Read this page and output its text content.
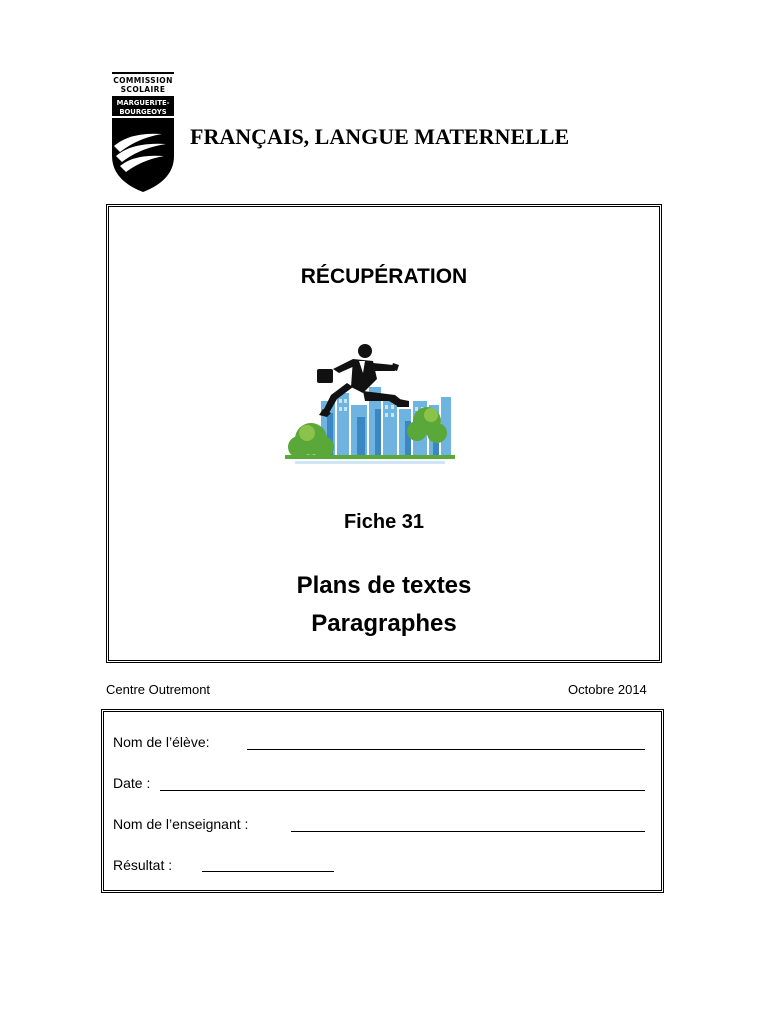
COMMISSION
SCOLAIRE
MARGUERITE-
BOURGEOYS
FRANÇAIS, LANGUE MATERNELLE
RÉCUPÉRATION
Fiche 31
Plans de textes
Paragraphes
Centre Outremont	Octobre 2014
Nom de l’élève:
Date :
Nom de l’enseignant :
Résultat :
